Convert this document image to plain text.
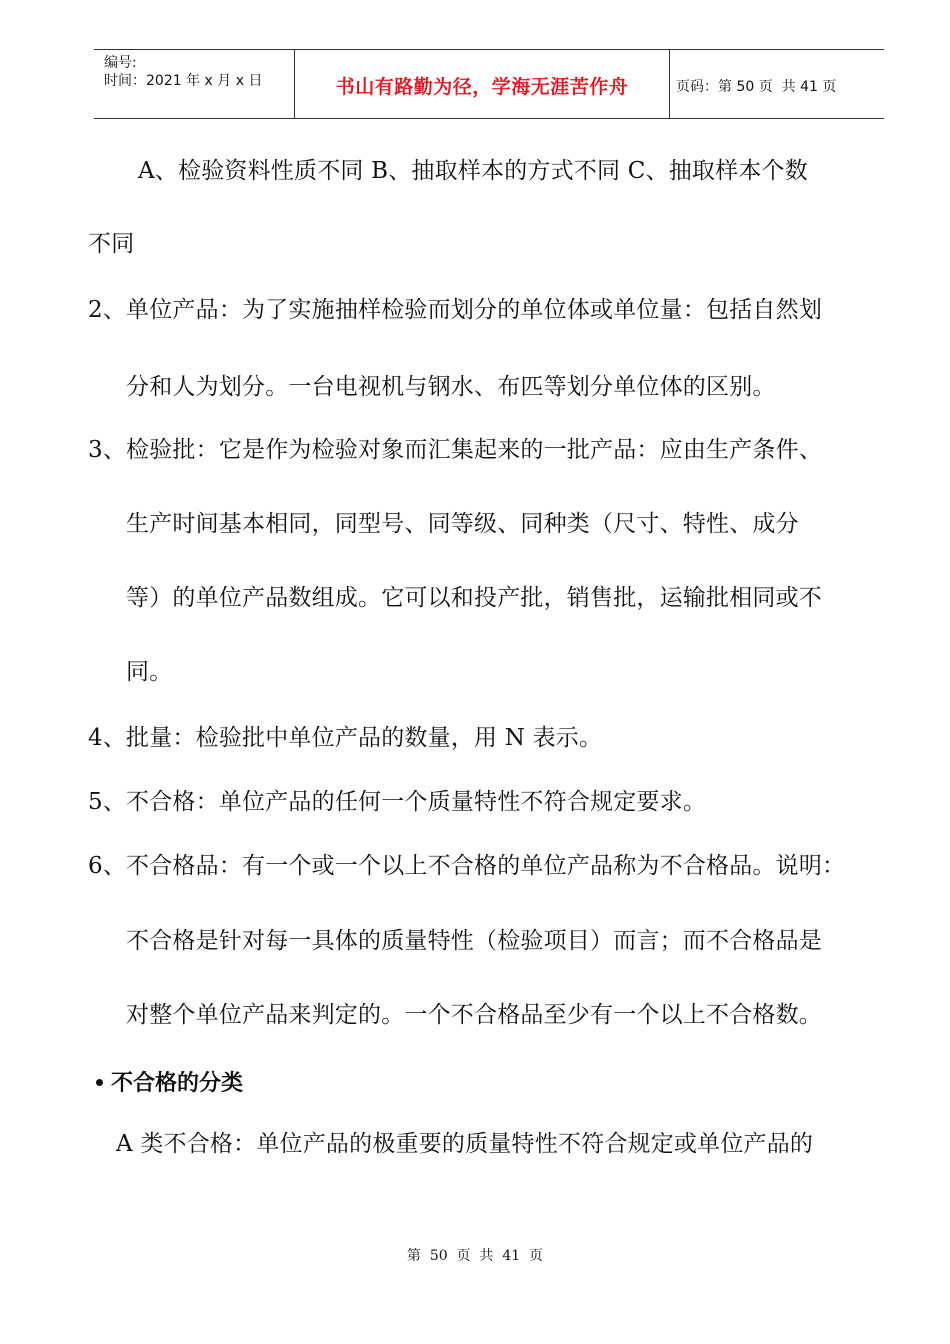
编号:
时间：2021 年 x 月 x 日	书山有路勤为径，学海无涯苦作舟	页码：第 50 页  共 41 页
A、检验资料性质不同 B、抽取样本的方式不同 C、抽取样本个数
不同
2、单位产品：为了实施抽样检验而划分的单位体或单位量：包括自然划
分和人为划分。一台电视机与钢水、布匹等划分单位体的区别。
3、检验批：它是作为检验对象而汇集起来的一批产品：应由生产条件、
生产时间基本相同，同型号、同等级、同种类（尺寸、特性、成分
等）的单位产品数组成。它可以和投产批，销售批，运输批相同或不
同。
4、批量：检验批中单位产品的数量，用 N 表示。
5、不合格：单位产品的任何一个质量特性不符合规定要求。
6、不合格品：有一个或一个以上不合格的单位产品称为不合格品。说明：
不合格是针对每一具体的质量特性（检验项目）而言；而不合格品是
对整个单位产品来判定的。一个不合格品至少有一个以上不合格数。
不合格的分类
A 类不合格：单位产品的极重要的质量特性不符合规定或单位产品的
第  50  页  共  41  页
